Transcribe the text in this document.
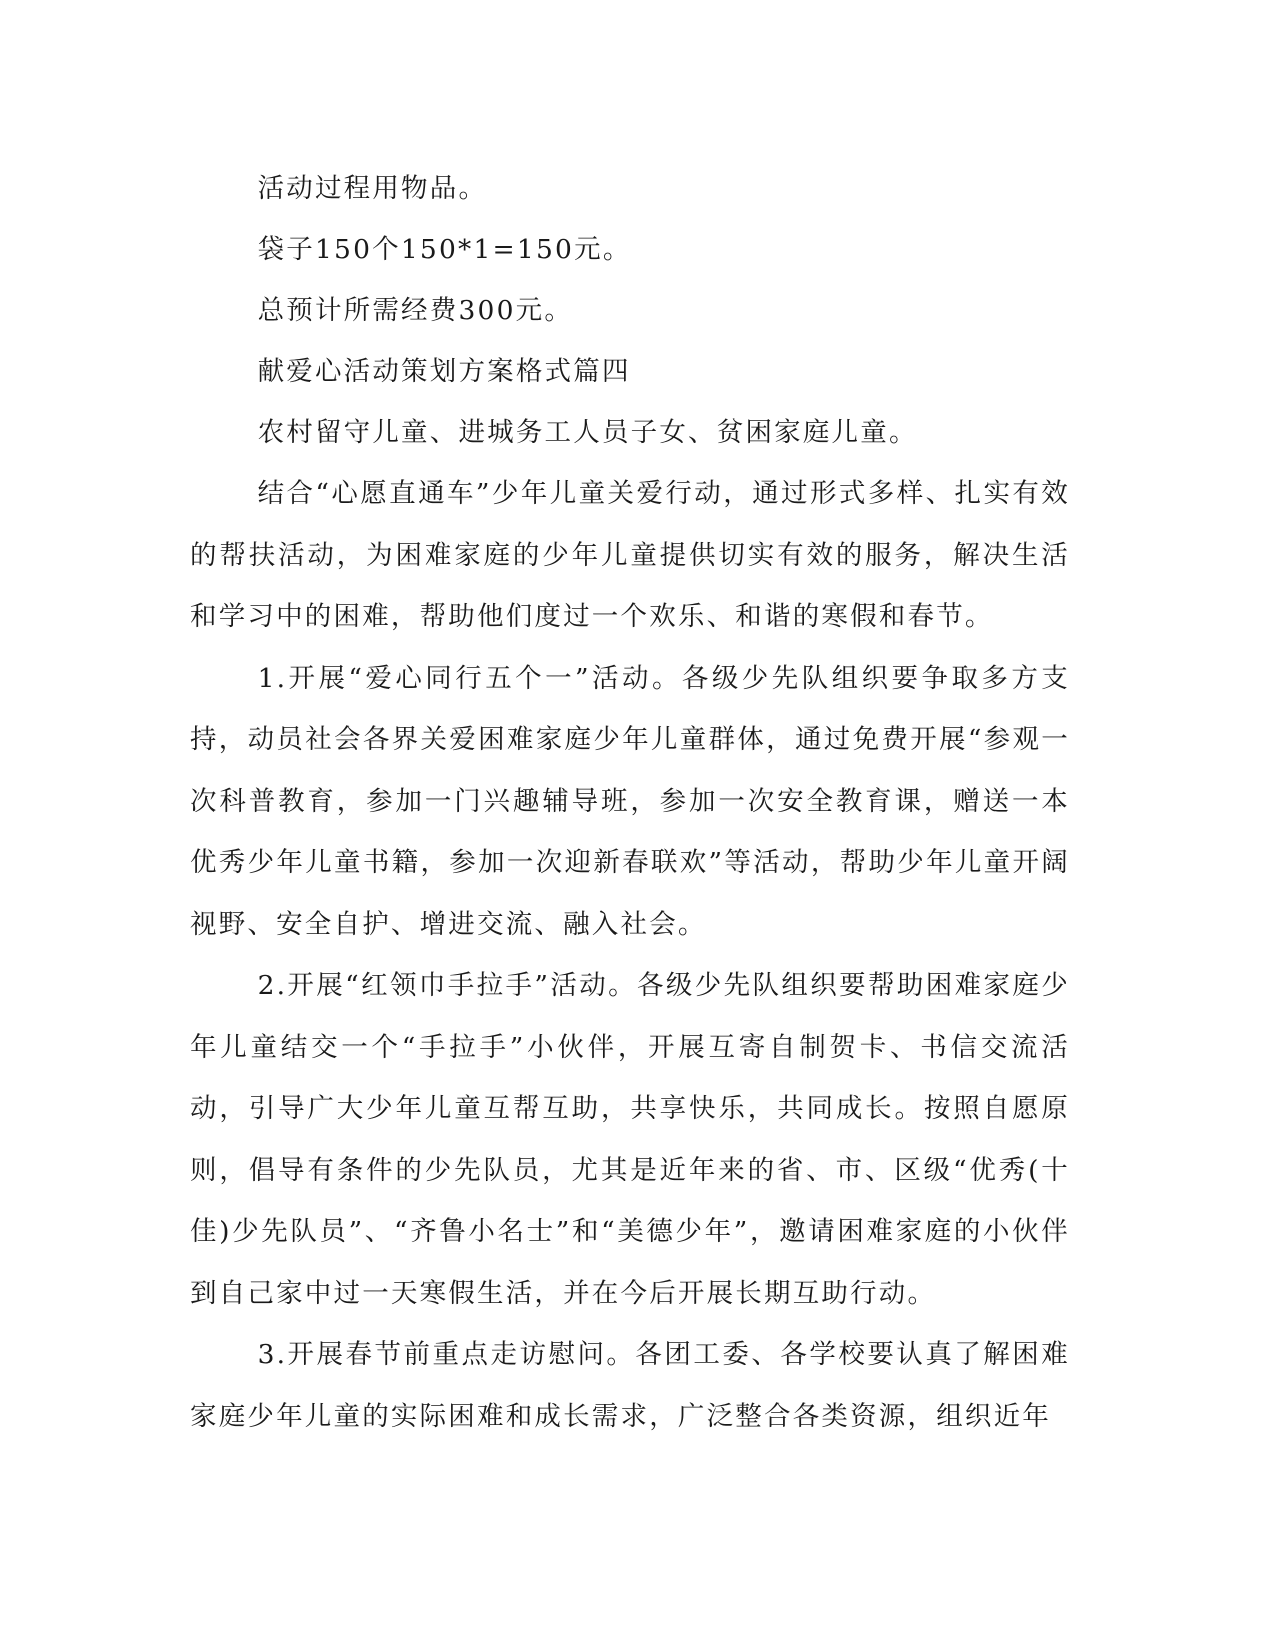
活动过程用物品。

袋子150个150*1=150元。

总预计所需经费300元。

献爱心活动策划方案格式篇四

农村留守儿童、进城务工人员子女、贫困家庭儿童。

结合“心愿直通车”少年儿童关爱行动，通过形式多样、扎实有效的帮扶活动，为困难家庭的少年儿童提供切实有效的服务，解决生活和学习中的困难，帮助他们度过一个欢乐、和谐的寒假和春节。

1.开展“爱心同行五个一”活动。各级少先队组织要争取多方支持，动员社会各界关爱困难家庭少年儿童群体，通过免费开展“参观一次科普教育，参加一门兴趣辅导班，参加一次安全教育课，赠送一本优秀少年儿童书籍，参加一次迎新春联欢”等活动，帮助少年儿童开阔视野、安全自护、增进交流、融入社会。

2.开展“红领巾手拉手”活动。各级少先队组织要帮助困难家庭少年儿童结交一个“手拉手”小伙伴，开展互寄自制贺卡、书信交流活动，引导广大少年儿童互帮互助，共享快乐，共同成长。按照自愿原则，倡导有条件的少先队员，尤其是近年来的省、市、区级“优秀(十佳)少先队员”、“齐鲁小名士”和“美德少年”，邀请困难家庭的小伙伴到自己家中过一天寒假生活，并在今后开展长期互助行动。

3.开展春节前重点走访慰问。各团工委、各学校要认真了解困难家庭少年儿童的实际困难和成长需求，广泛整合各类资源，组织近年
